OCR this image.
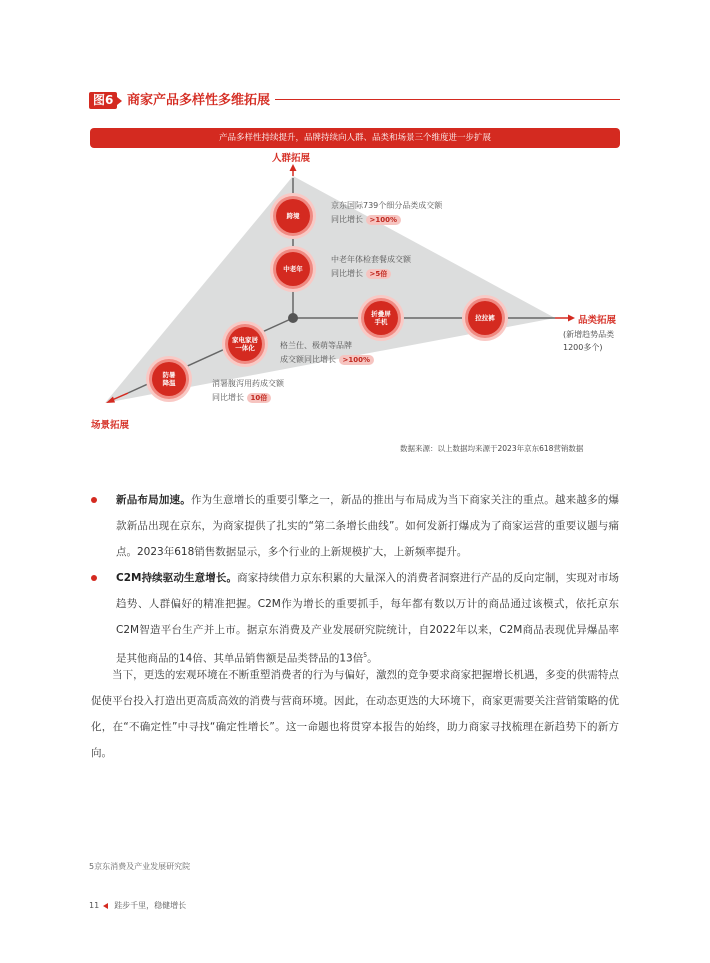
图6	商家产品多样性多维拓展
产品多样性持续提升，品牌持续向人群、品类和场景三个维度进一步扩展
人群拓展
品类拓展
(新增趋势品类
1200多个)
场景拓展
跨境
中老年
折叠屏
手机	拉拉裤
家电家居
一体化
防暑
降温
京东国际739个细分品类成交额
同比增长 >100%
中老年体检套餐成交额
同比增长 >5倍
格兰仕、极萌等品牌
成交额同比增长 >100%
消暑腹泻用药成交额
同比增长 10倍
数据来源：以上数据均来源于2023年京东618营销数据
新品布局加速。作为生意增长的重要引擎之一，新品的推出与布局成为当下商家关注的重点。越来越多的爆款新品出现在京东，为商家提供了扎实的“第二条增长曲线”。如何发新打爆成为了商家运营的重要议题与痛点。2023年618销售数据显示，多个行业的上新规模扩大，上新频率提升。
C2M持续驱动生意增长。商家持续借力京东积累的大量深入的消费者洞察进行产品的反向定制，实现对市场趋势、人群偏好的精准把握。C2M作为增长的重要抓手，每年都有数以万计的商品通过该模式，依托京东C2M智造平台生产并上市。据京东消费及产业发展研究院统计，自2022年以来，C2M商品表现优异爆品率是其他商品的14倍、其单品销售额是品类替品的13倍$^5$。
当下，更迭的宏观环境在不断重塑消费者的行为与偏好，激烈的竞争要求商家把握增长机遇，多变的供需特点促使平台投入打造出更高质高效的消费与营商环境。因此，在动态更迭的大环境下，商家更需要关注营销策略的优化，在“不确定性”中寻找“确定性增长”。这一命题也将贯穿本报告的始终，助力商家寻找梳理在新趋势下的新方向。
5京东消费及产业发展研究院
11 跬步千里，稳健增长
